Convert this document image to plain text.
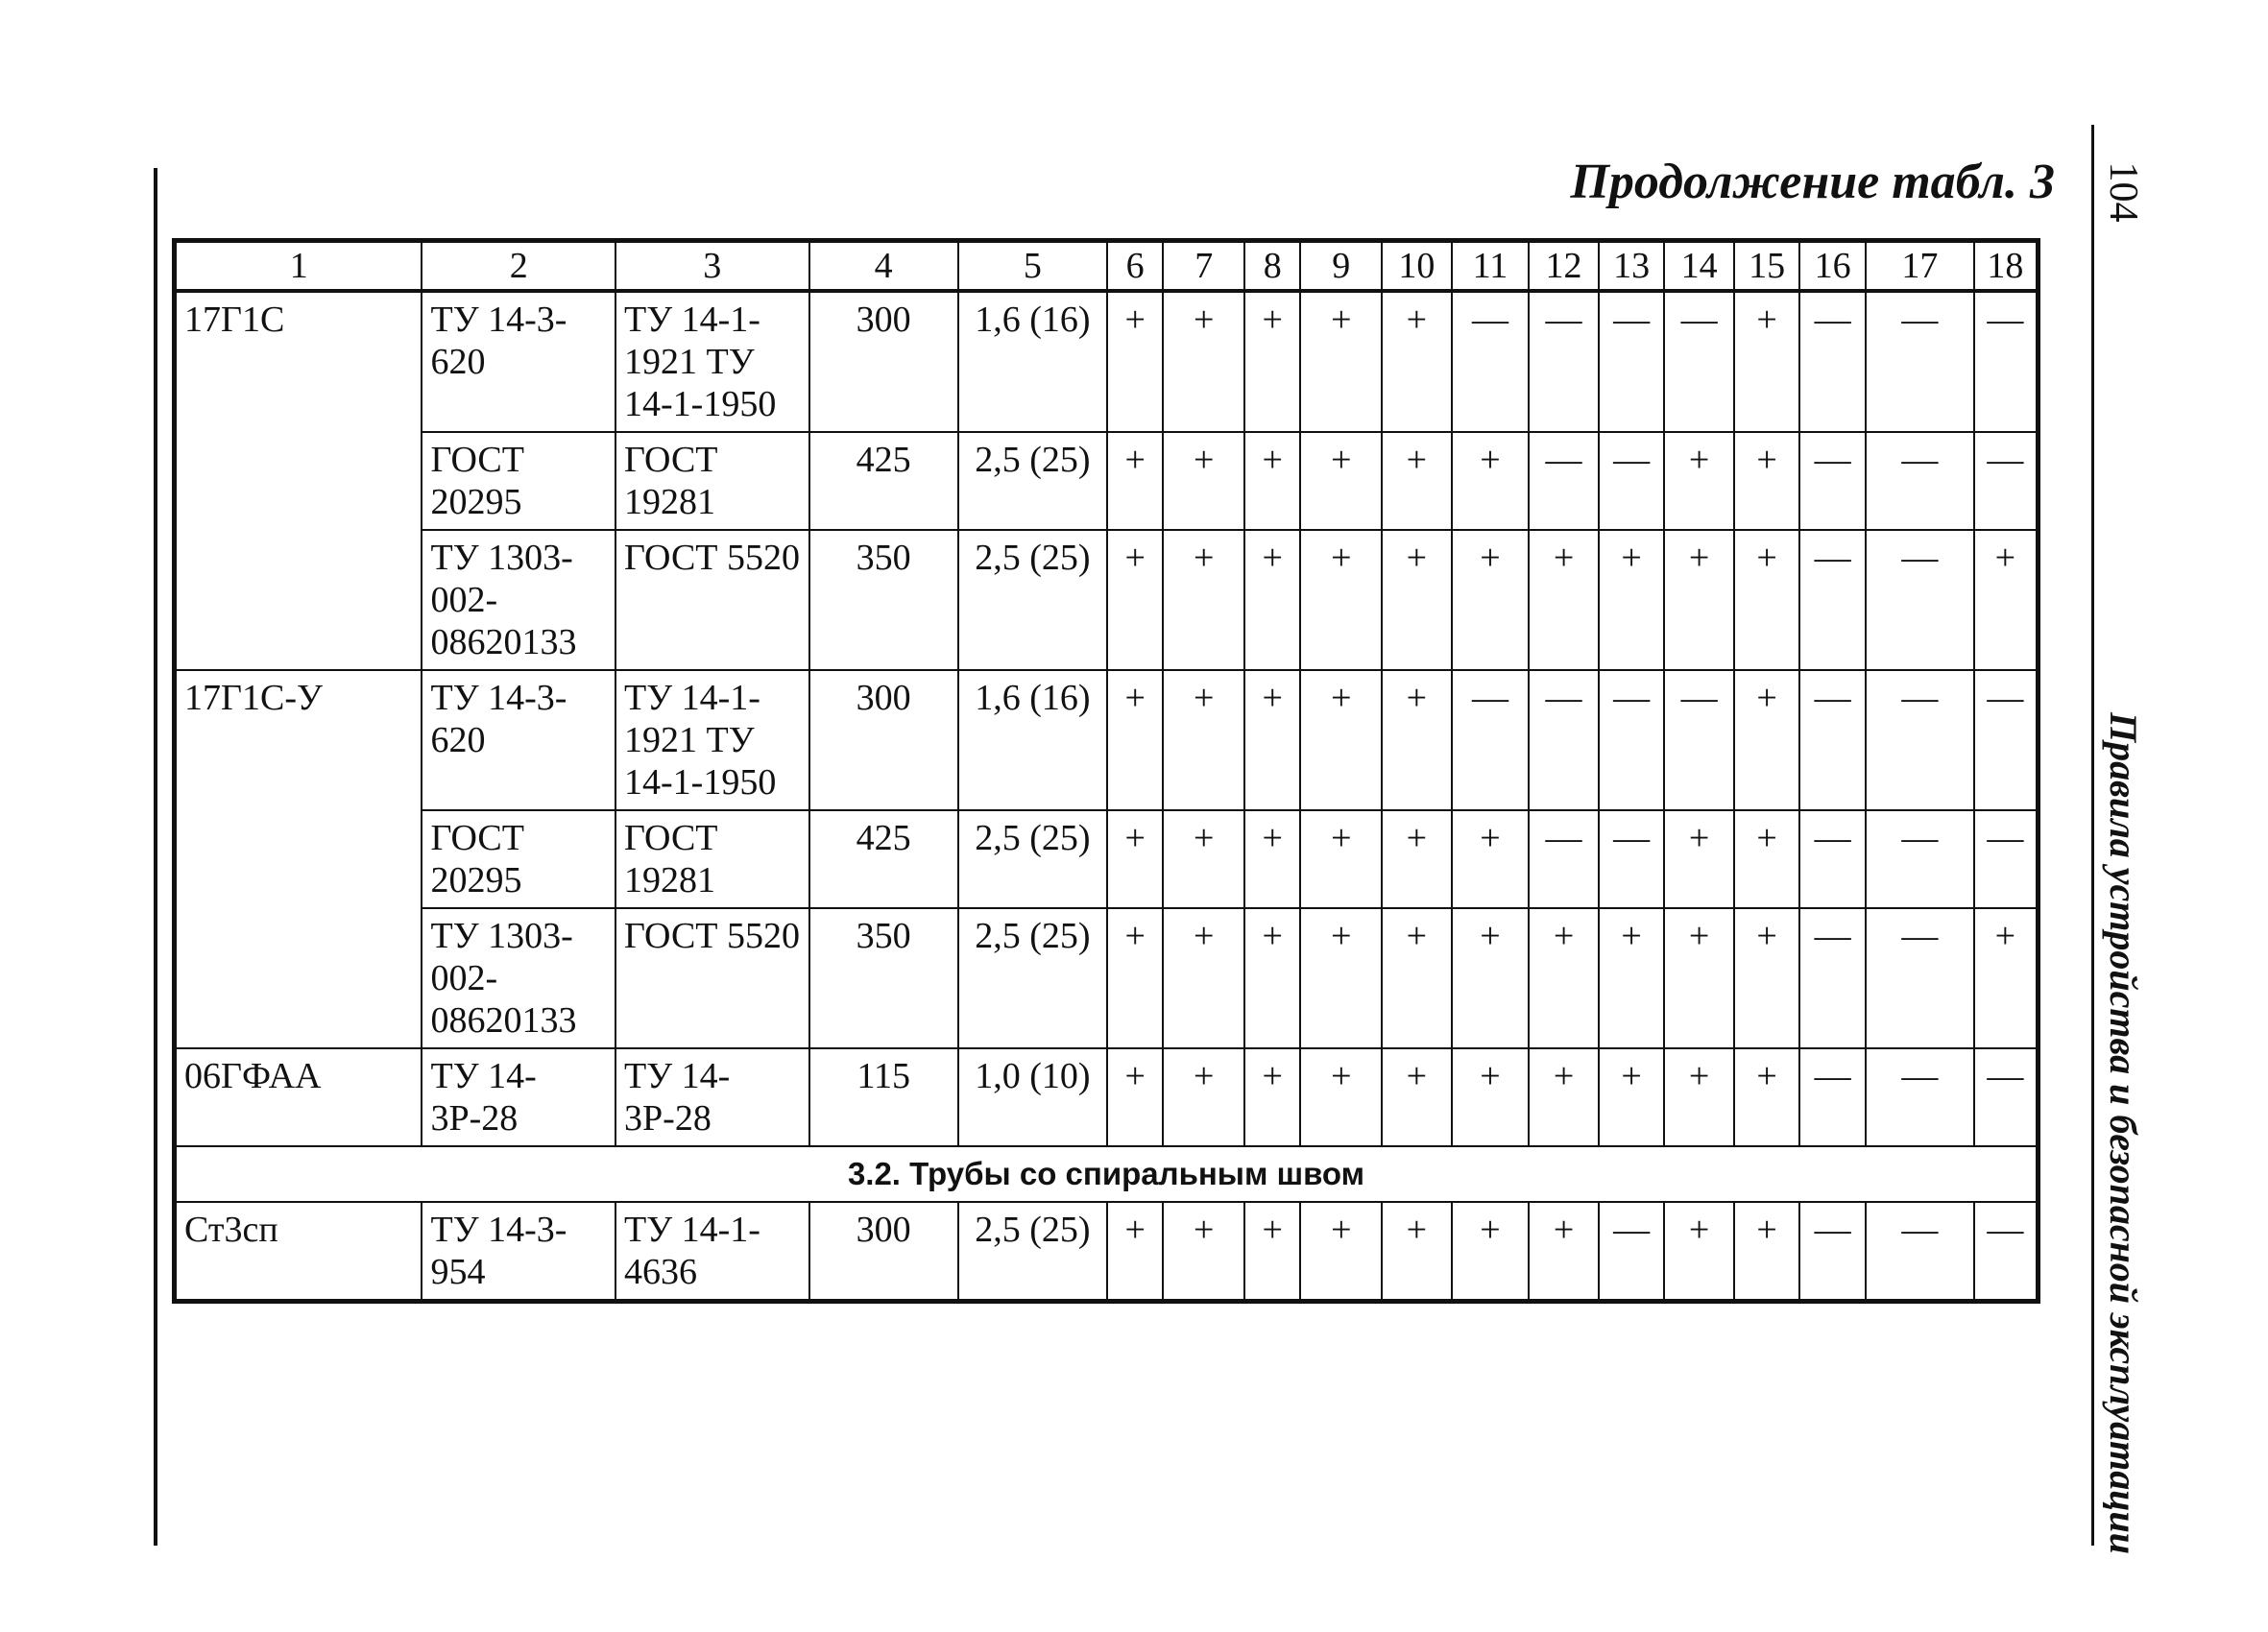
Продолжение табл. 3 104
Правила устройства и безопасной эксплуатации
1	2	3	4	5	6	7	8	9	10	11	12	13	14	15	16	17	18
17Г1С	ТУ 14-3-620	ТУ 14-1-1921 ТУ 14-1-1950	300	1,6 (16)	+	+	+	+	+	—	—	—	—	+	—	—	—
	ГОСТ 20295	ГОСТ 19281	425	2,5 (25)	+	+	+	+	+	+	—	—	+	+	—	—	—
	ТУ 1303-002-08620133	ГОСТ 5520	350	2,5 (25)	+	+	+	+	+	+	+	+	+	+	—	—	+
17Г1С-У	ТУ 14-3-620	ТУ 14-1-1921 ТУ 14-1-1950	300	1,6 (16)	+	+	+	+	+	—	—	—	—	+	—	—	—
	ГОСТ 20295	ГОСТ 19281	425	2,5 (25)	+	+	+	+	+	+	—	—	+	+	—	—	—
	ТУ 1303-002-08620133	ГОСТ 5520	350	2,5 (25)	+	+	+	+	+	+	+	+	+	+	—	—	+
06ГФАА	ТУ 14-3Р-28	ТУ 14-3Р-28	115	1,0 (10)	+	+	+	+	+	+	+	+	+	+	—	—	—
3.2. Трубы со спиральным швом																	
Ст3сп	ТУ 14-3-954	ТУ 14-1-4636	300	2,5 (25)	+	+	+	+	+	+	+	—	+	+	—	—	—
